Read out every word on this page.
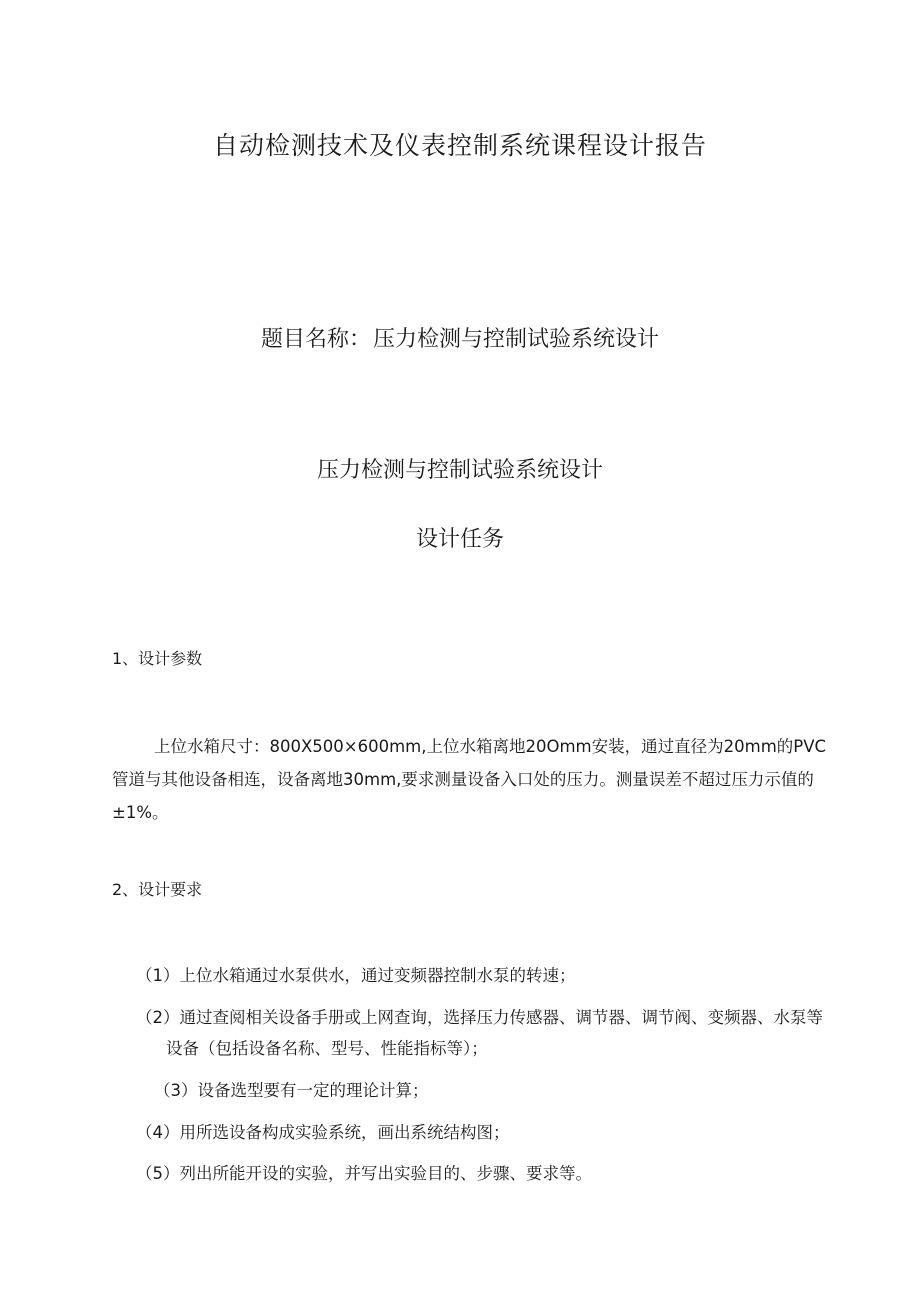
自动检测技术及仪表控制系统课程设计报告
题目名称：压力检测与控制试验系统设计
压力检测与控制试验系统设计
设计任务
1、设计参数

上位水箱尺寸：800X500×600mm,上位水箱离地20Omm安装，通过直径为20mm的PVC管道与其他设备相连，设备离地30mm,要求测量设备入口处的压力。测量误差不超过压力示值的±1%。

2、设计要求

（1）上位水箱通过水泵供水，通过变频器控制水泵的转速；

（2）通过查阅相关设备手册或上网查询，选择压力传感器、调节器、调节阀、变频器、水泵等

设备（包括设备名称、型号、性能指标等）；

（3）设备选型要有一定的理论计算；

（4）用所选设备构成实验系统，画出系统结构图；

（5）列出所能开设的实验，并写出实验目的、步骤、要求等。
